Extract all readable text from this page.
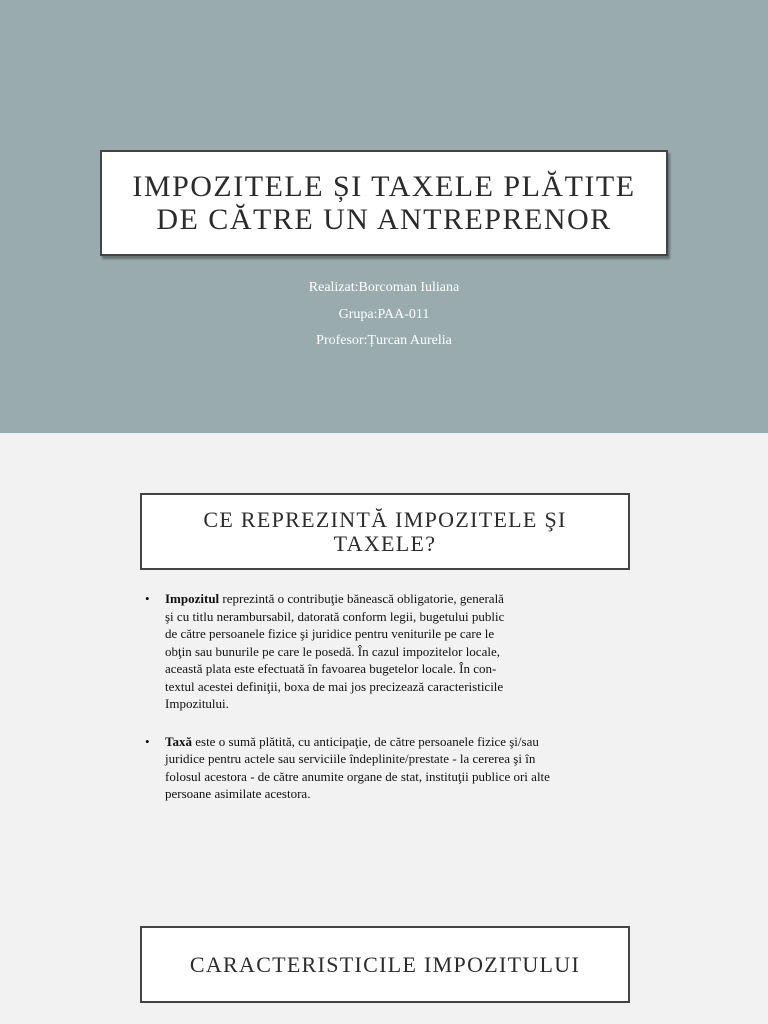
IMPOZITELE ȘI TAXELE PLĂTITE
DE CĂTRE UN ANTREPRENOR
Realizat:Borcoman Iuliana
Grupa:PAA-011
Profesor:Țurcan Aurelia
CE REPREZINTĂ IMPOZITELE ŞI
TAXELE?
• Impozitul reprezintă o contribuţie bănească obligatorie, generală
şi cu titlu nerambursabil, datorată conform legii, bugetului public
de către persoanele fizice şi juridice pentru veniturile pe care le
obţin sau bunurile pe care le posedă. În cazul impozitelor locale,
această plata este efectuată în favoarea bugetelor locale. În con-
textul acestei definiţii, boxa de mai jos precizează caracteristicile
Impozitului.
• Taxă este o sumă plătită, cu anticipaţie, de către persoanele fizice şi/sau
juridice pentru actele sau serviciile îndeplinite/prestate - la cererea şi în
folosul acestora - de către anumite organe de stat, instituţii publice ori alte
persoane asimilate acestora.
CARACTERISTICILE IMPOZITULUI
